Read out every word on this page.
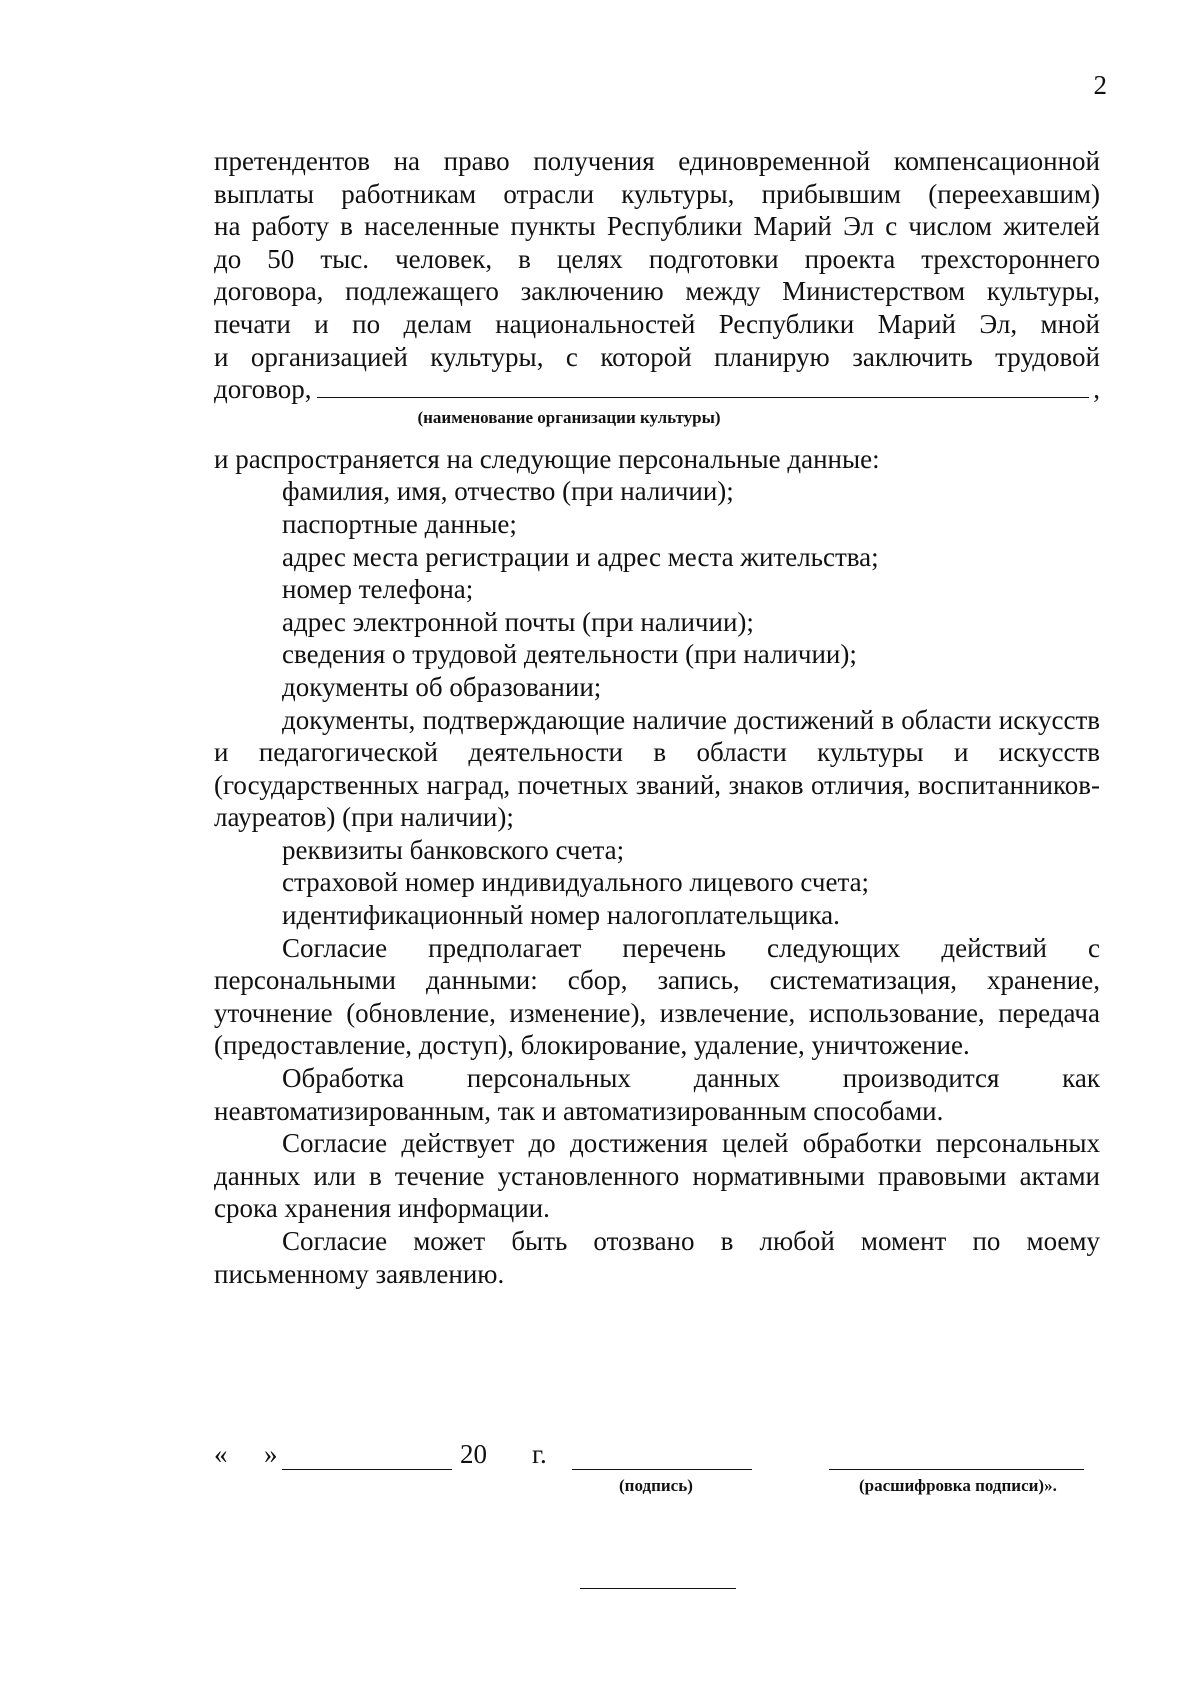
2

претендентов на право получения единовременной компенсационной

выплаты работникам отрасли культуры, прибывшим (переехавшим)

на работу в населенные пункты Республики Марий Эл с числом жителей

до 50 тыс. человек, в целях подготовки проекта трехстороннего

договора, подлежащего заключению между Министерством культуры,

печати и по делам национальностей Республики Марий Эл, мной

и организацией культуры, с которой планирую заключить трудовой

договор,	,
(наименование организации культуры)

и распространяется на следующие персональные данные:

фамилия, имя, отчество (при наличии);

паспортные данные;

адрес места регистрации и адрес места жительства;

номер телефона;

адрес электронной почты (при наличии);

сведения о трудовой деятельности (при наличии);

документы об образовании;

документы, подтверждающие наличие достижений в области искусств и педагогической деятельности в области культуры и искусств (государственных наград, почетных званий, знаков отличия, воспитанников-лауреатов) (при наличии);

реквизиты банковского счета;

страховой номер индивидуального лицевого счета;

идентификационный номер налогоплательщика.

Согласие предполагает перечень следующих действий с персональными данными: сбор, запись, систематизация, хранение, уточнение (обновление, изменение), извлечение, использование, передача (предоставление, доступ), блокирование, удаление, уничтожение.

Обработка персональных данных производится как неавтоматизированным, так и автоматизированным способами.

Согласие действует до достижения целей обработки персональных данных или в течение установленного нормативными правовыми актами срока хранения информации.

Согласие может быть отозвано в любой момент по моему письменному заявлению.

« »	20 г.
(подпись)	(расшифровка подписи)».
